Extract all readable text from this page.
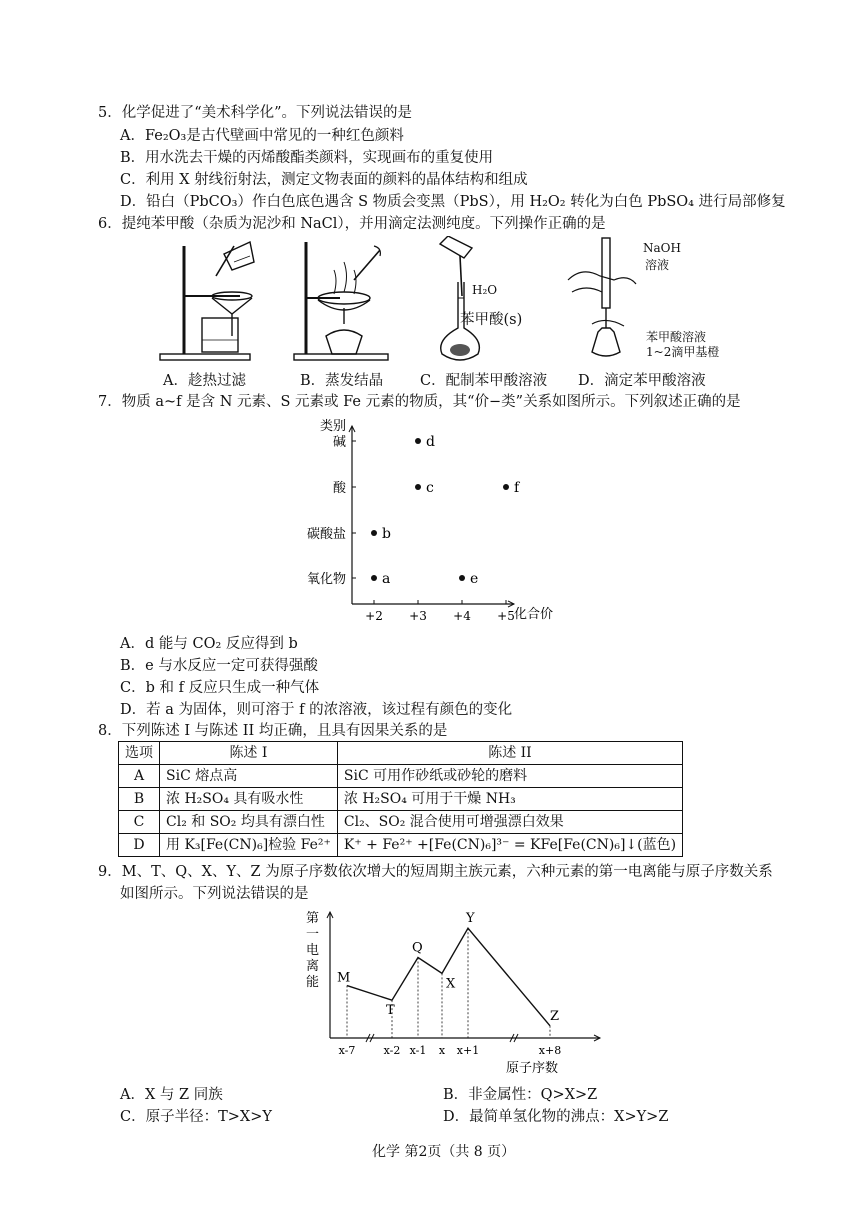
5．化学促进了“美术科学化”。下列说法错误的是
A．Fe₂O₃是古代壁画中常见的一种红色颜料
B．用水洗去干燥的丙烯酸酯类颜料，实现画布的重复使用
C．利用 X 射线衍射法，测定文物表面的颜料的晶体结构和组成
D．铅白（PbCO₃）作白色底色遇含 S 物质会变黑（PbS），用 H₂O₂ 转化为白色 PbSO₄ 进行局部修复
6．提纯苯甲酸（杂质为泥沙和 NaCl），并用滴定法测纯度。下列操作正确的是
A．趁热过滤	B．蒸发结晶
H₂O
苯甲酸(s)
C．配制苯甲酸溶液
NaOH
溶液
苯甲酸溶液
1~2滴甲基橙
D．滴定苯甲酸溶液
7．物质 a~f 是含 N 元素、S 元素或 Fe 元素的物质，其“价−类”关系如图所示。下列叙述正确的是
氧化物
碳酸盐
酸
碱
+2 +3 +4 +5
a
b
c
d
e
f
类别
化合价
A．d 能与 CO₂ 反应得到 b
B．e 与水反应一定可获得强酸
C．b 和 f 反应只生成一种气体
D．若 a 为固体，则可溶于 f 的浓溶液，该过程有颜色的变化
8．下列陈述 I 与陈述 II 均正确，且具有因果关系的是
选项	陈述 I	陈述 II
A	SiC 熔点高	SiC 可用作砂纸或砂轮的磨料
B	浓 H₂SO₄ 具有吸水性	浓 H₂SO₄ 可用于干燥 NH₃
C	Cl₂ 和 SO₂ 均具有漂白性	Cl₂、SO₂ 混合使用可增强漂白效果
D	用 K₃[Fe(CN)₆]检验 Fe²⁺	K⁺ + Fe²⁺ +[Fe(CN)₆]³⁻ = KFe[Fe(CN)₆]↓(蓝色)
9．M、T、Q、X、Y、Z 为原子序数依次增大的短周期主族元素，六种元素的第一电离能与原子序数关系
如图所示。下列说法错误的是
M
T
Q
X
Y
Z
x-7	x-2 x-1 x x+1	x+8
第一电离能
原子序数
A．X 与 Z 同族	B．非金属性：Q>X>Z
C．原子半径：T>X>Y	D．最简单氢化物的沸点：X>Y>Z
化学 第2页（共 8 页）
